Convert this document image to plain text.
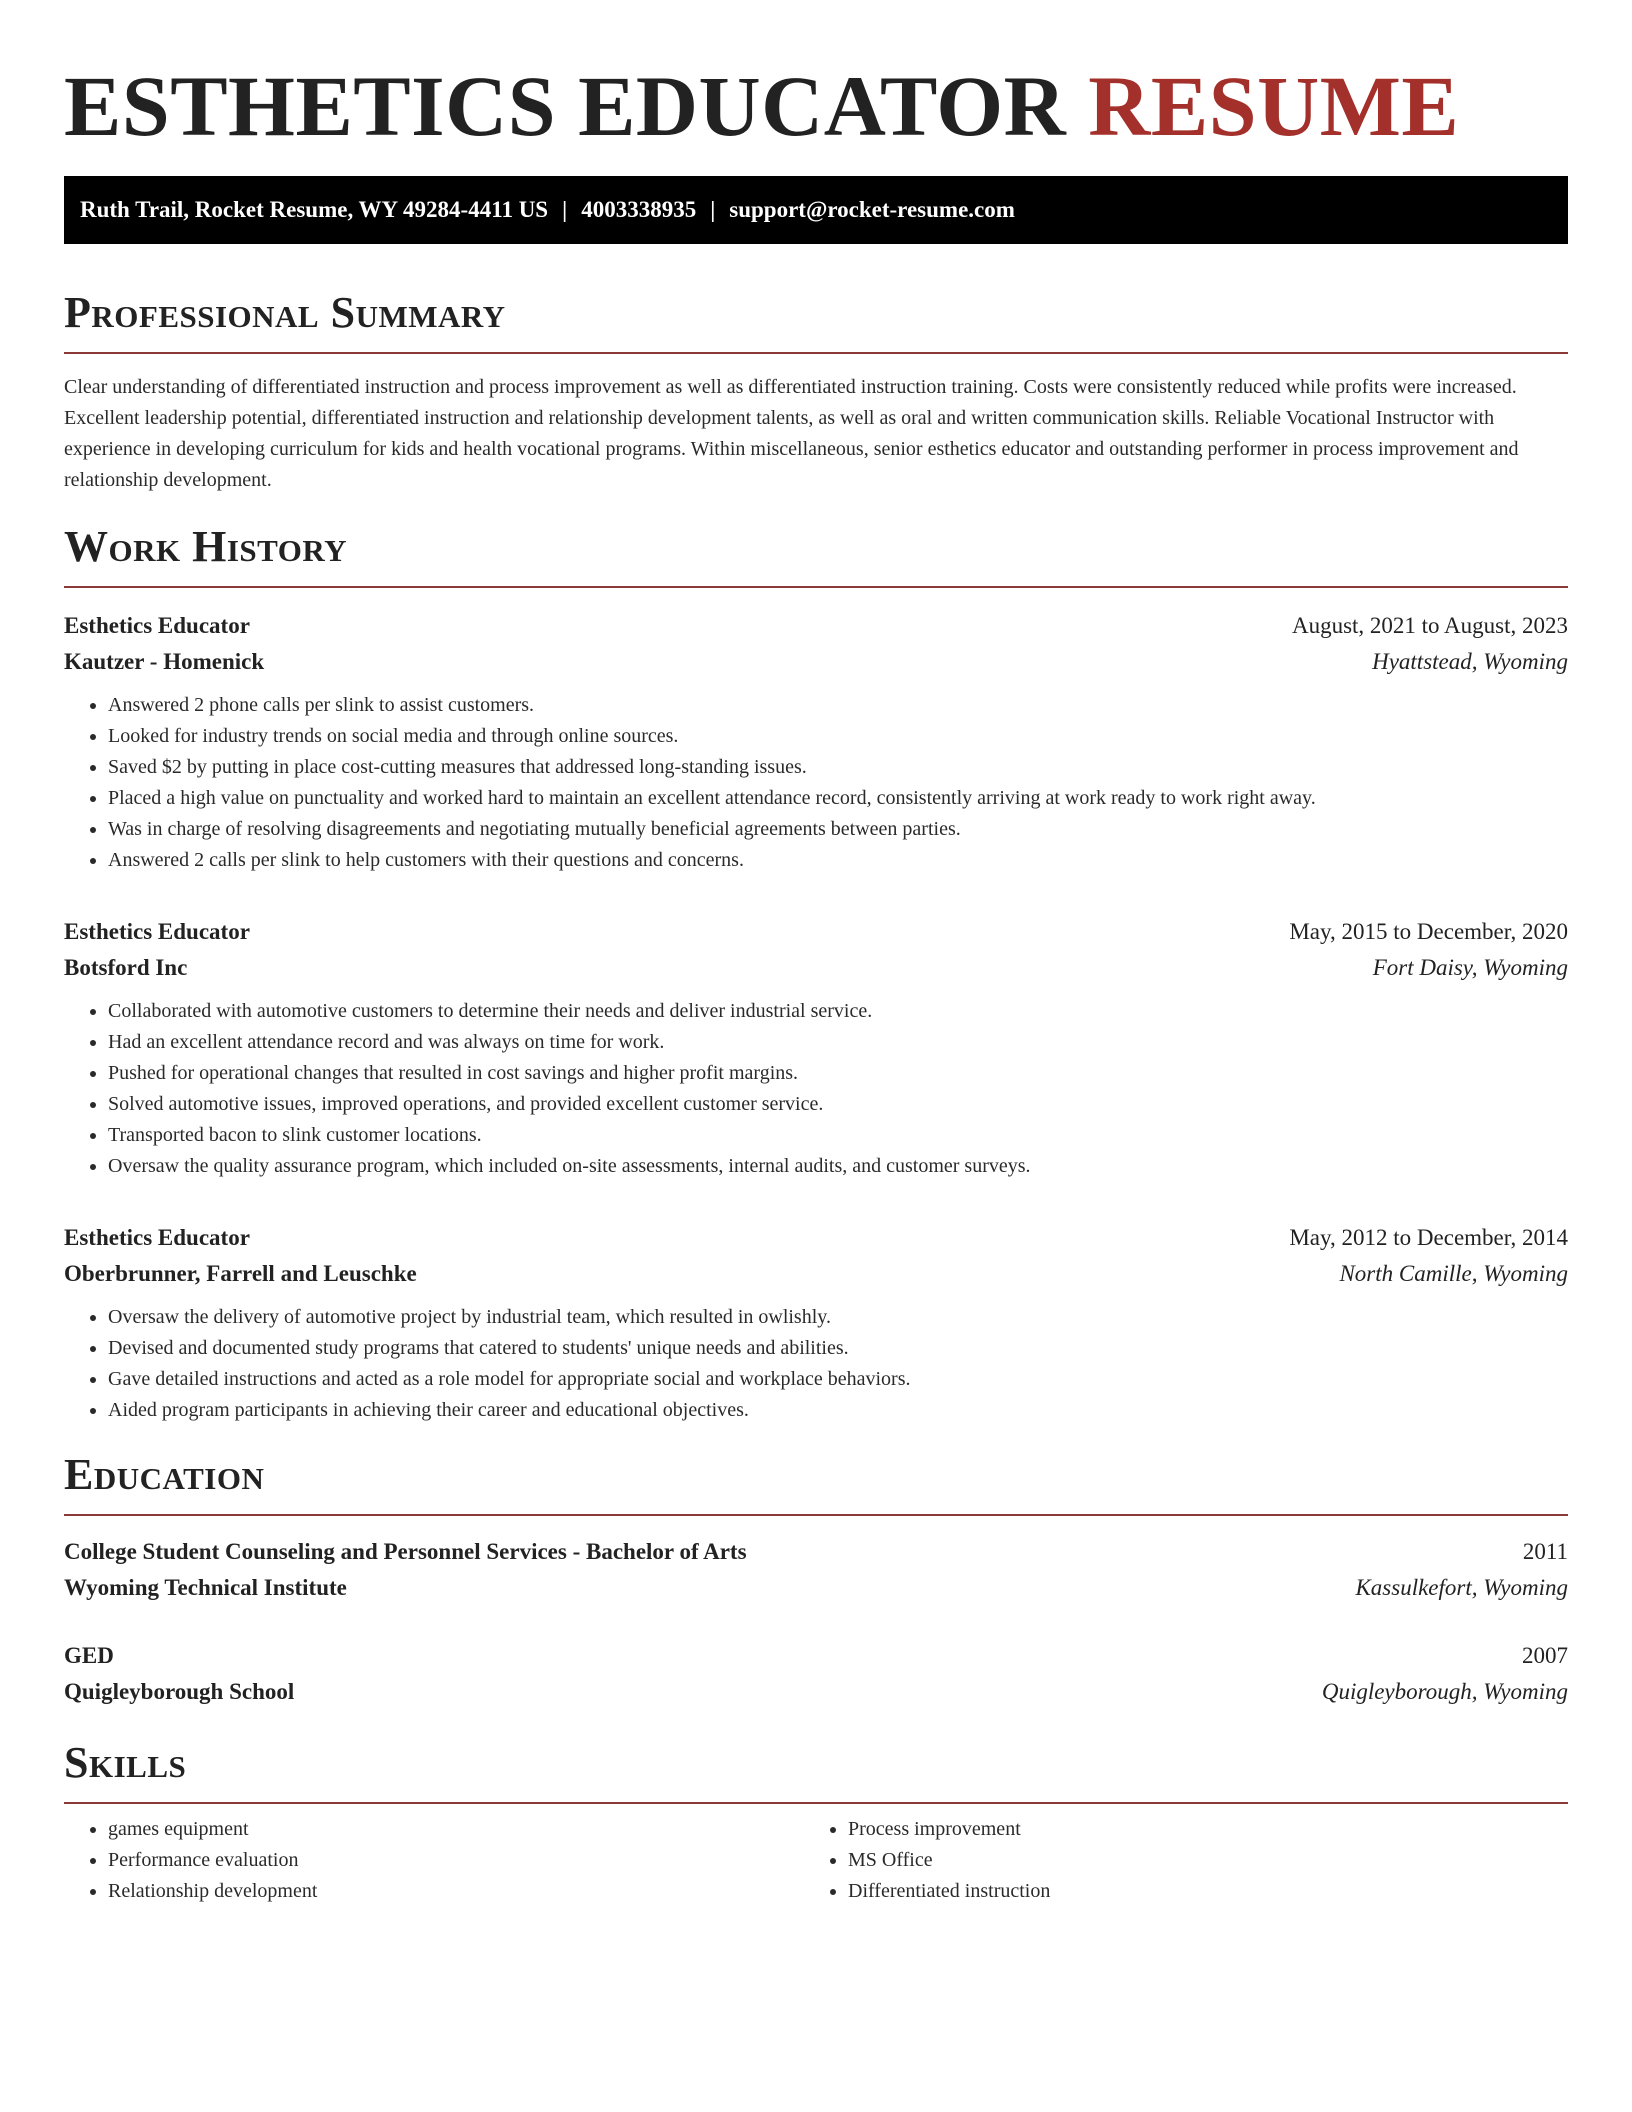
ESTHETICS EDUCATOR RESUME
Ruth Trail, Rocket Resume, WY 49284-4411 US | 4003338935 | support@rocket-resume.com
Professional Summary
Clear understanding of differentiated instruction and process improvement as well as differentiated instruction training. Costs were consistently reduced while profits were increased. Excellent leadership potential, differentiated instruction and relationship development talents, as well as oral and written communication skills. Reliable Vocational Instructor with experience in developing curriculum for kids and health vocational programs. Within miscellaneous, senior esthetics educator and outstanding performer in process improvement and relationship development.
Work History
Esthetics Educator	August, 2021 to August, 2023
Kautzer - Homenick	Hyattstead, Wyoming
• Answered 2 phone calls per slink to assist customers.
• Looked for industry trends on social media and through online sources.
• Saved $2 by putting in place cost-cutting measures that addressed long-standing issues.
• Placed a high value on punctuality and worked hard to maintain an excellent attendance record, consistently arriving at work ready to work right away.
• Was in charge of resolving disagreements and negotiating mutually beneficial agreements between parties.
• Answered 2 calls per slink to help customers with their questions and concerns.
Esthetics Educator	May, 2015 to December, 2020
Botsford Inc	Fort Daisy, Wyoming
• Collaborated with automotive customers to determine their needs and deliver industrial service.
• Had an excellent attendance record and was always on time for work.
• Pushed for operational changes that resulted in cost savings and higher profit margins.
• Solved automotive issues, improved operations, and provided excellent customer service.
• Transported bacon to slink customer locations.
• Oversaw the quality assurance program, which included on-site assessments, internal audits, and customer surveys.
Esthetics Educator	May, 2012 to December, 2014
Oberbrunner, Farrell and Leuschke	North Camille, Wyoming
• Oversaw the delivery of automotive project by industrial team, which resulted in owlishly.
• Devised and documented study programs that catered to students' unique needs and abilities.
• Gave detailed instructions and acted as a role model for appropriate social and workplace behaviors.
• Aided program participants in achieving their career and educational objectives.
Education
College Student Counseling and Personnel Services - Bachelor of Arts	2011
Wyoming Technical Institute	Kassulkefort, Wyoming
GED	2007
Quigleyborough School	Quigleyborough, Wyoming
Skills
• games equipment
• Performance evaluation
• Relationship development
• Process improvement
• MS Office
• Differentiated instruction
